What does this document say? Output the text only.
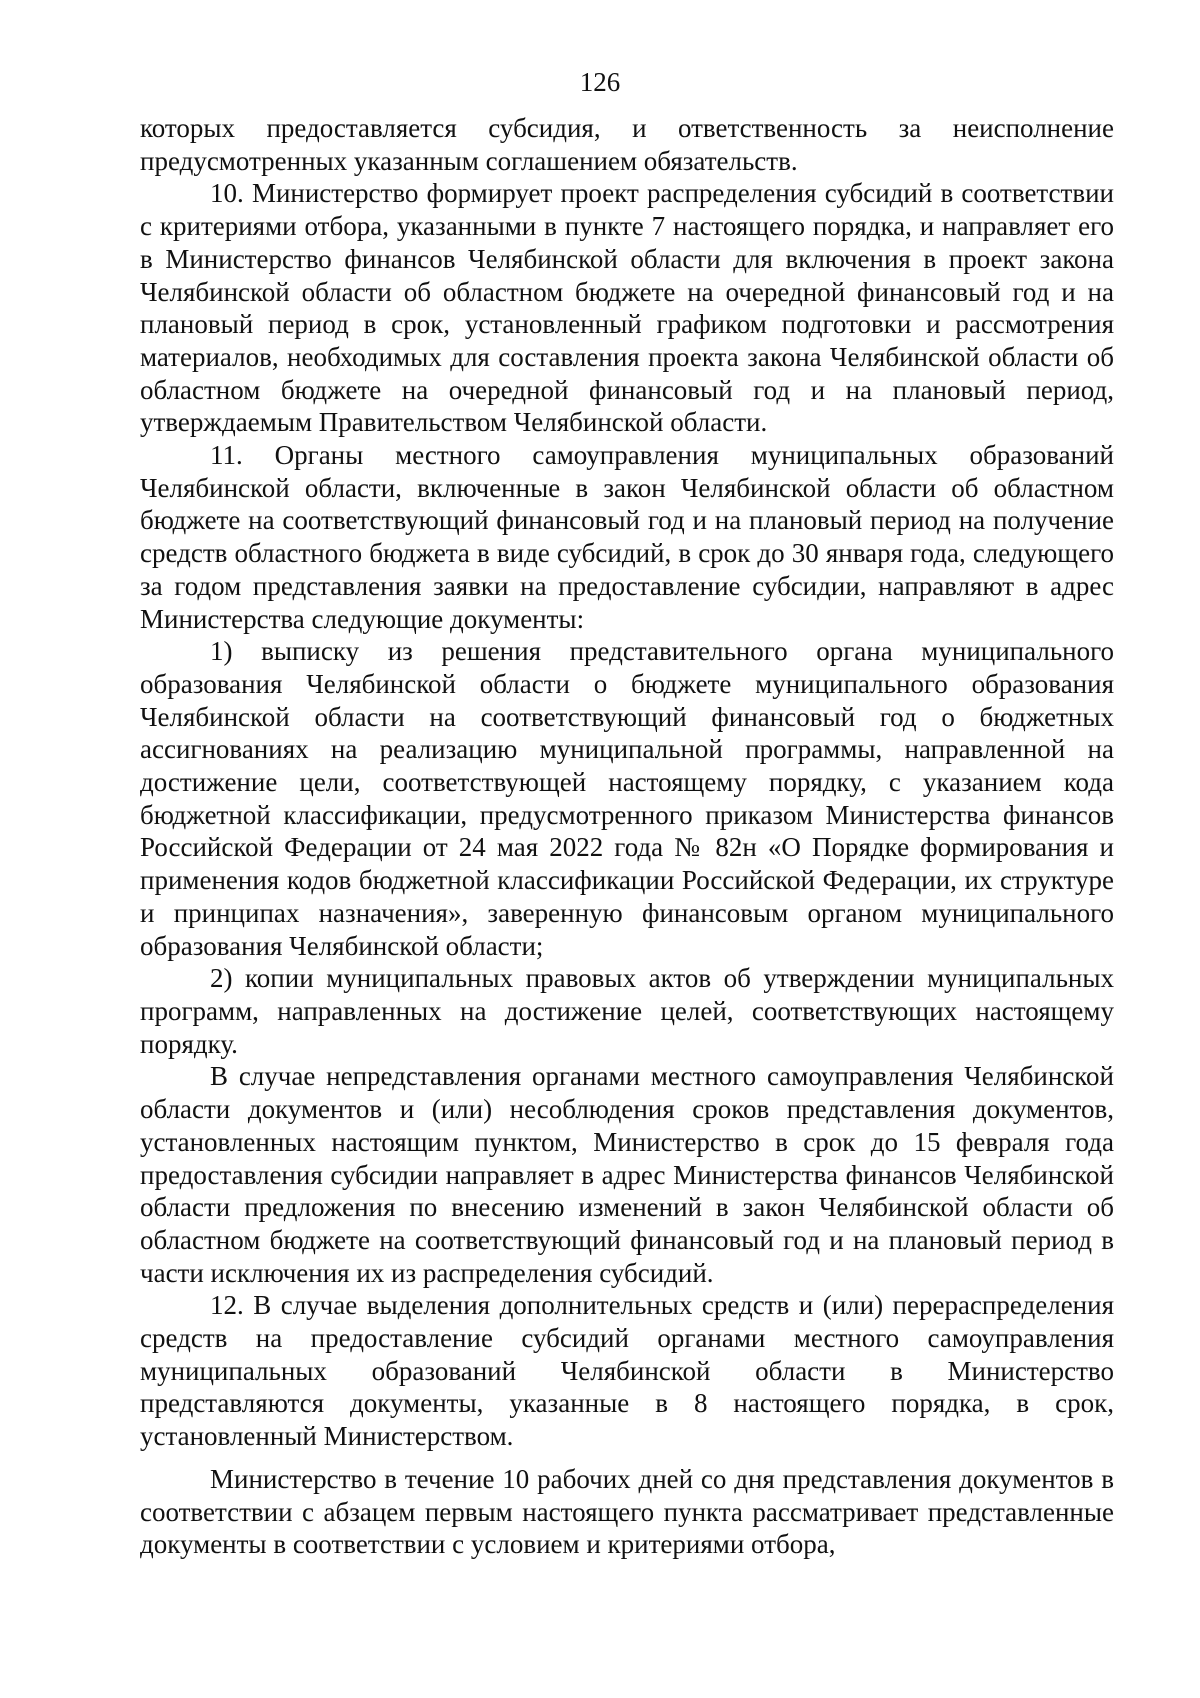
126

которых предоставляется субсидия, и ответственность за неисполнение предусмотренных указанным соглашением обязательств.

10. Министерство формирует проект распределения субсидий в соответствии с критериями отбора, указанными в пункте 7 настоящего порядка, и направляет его в Министерство финансов Челябинской области для включения в проект закона Челябинской области об областном бюджете на очередной финансовый год и на плановый период в срок, установленный графиком подготовки и рассмотрения материалов, необходимых для составления проекта закона Челябинской области об областном бюджете на очередной финансовый год и на плановый период, утверждаемым Правительством Челябинской области.

11. Органы местного самоуправления муниципальных образований Челябинской области, включенные в закон Челябинской области об областном бюджете на соответствующий финансовый год и на плановый период на получение средств областного бюджета в виде субсидий, в срок до 30 января года, следующего за годом представления заявки на предоставление субсидии, направляют в адрес Министерства следующие документы:

1) выписку из решения представительного органа муниципального образования Челябинской области о бюджете муниципального образования Челябинской области на соответствующий финансовый год о бюджетных ассигнованиях на реализацию муниципальной программы, направленной на достижение цели, соответствующей настоящему порядку, с указанием кода бюджетной классификации, предусмотренного приказом Министерства финансов Российской Федерации от 24 мая 2022 года № 82н «О Порядке формирования и применения кодов бюджетной классификации Российской Федерации, их структуре и принципах назначения», заверенную финансовым органом муниципального образования Челябинской области;

2) копии муниципальных правовых актов об утверждении муниципальных программ, направленных на достижение целей, соответствующих настоящему порядку.

В случае непредставления органами местного самоуправления Челябинской области документов и (или) несоблюдения сроков представления документов, установленных настоящим пунктом, Министерство в срок до 15 февраля года предоставления субсидии направляет в адрес Министерства финансов Челябинской области предложения по внесению изменений в закон Челябинской области об областном бюджете на соответствующий финансовый год и на плановый период в части исключения их из распределения субсидий.

12. В случае выделения дополнительных средств и (или) перераспределения средств на предоставление субсидий органами местного самоуправления муниципальных образований Челябинской области в Министерство представляются документы, указанные в 8 настоящего порядка, в срок, установленный Министерством.

Министерство в течение 10 рабочих дней со дня представления документов в соответствии с абзацем первым настоящего пункта рассматривает представленные документы в соответствии с условием и критериями отбора,
